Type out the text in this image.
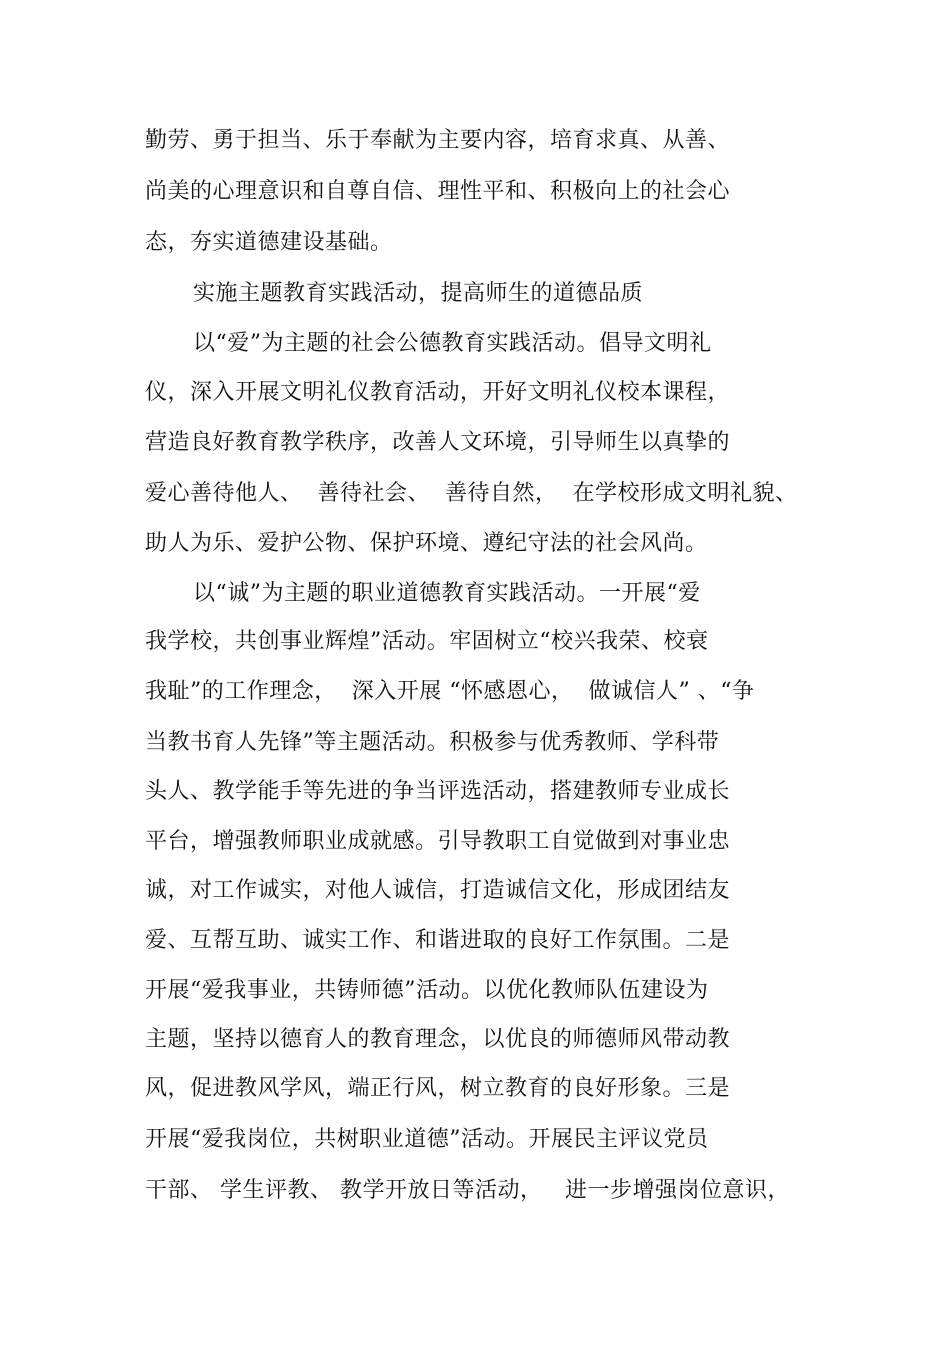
勤劳、勇于担当、乐于奉献为主要内容，培育求真、从善、
尚美的心理意识和自尊自信、理性平和、积极向上的社会心
态，夯实道德建设基础。
实施主题教育实践活动，提高师生的道德品质
以“爱”为主题的社会公德教育实践活动。倡导文明礼
仪，深入开展文明礼仪教育活动，开好文明礼仪校本课程，
营造良好教育教学秩序，改善人文环境，引导师生以真挚的
爱心善待他人、  善待社会、  善待自然，  在学校形成文明礼貌、
助人为乐、爱护公物、保护环境、遵纪守法的社会风尚。
以“诚”为主题的职业道德教育实践活动。一开展“爱
我学校，共创事业辉煌”活动。牢固树立“校兴我荣、校衰
我耻”的工作理念，  深入开展 “怀感恩心，  做诚信人” 、“争
当教书育人先锋”等主题活动。积极参与优秀教师、学科带
头人、教学能手等先进的争当评选活动，搭建教师专业成长
平台，增强教师职业成就感。引导教职工自觉做到对事业忠
诚，对工作诚实，对他人诚信，打造诚信文化，形成团结友
爱、互帮互助、诚实工作、和谐进取的良好工作氛围。二是
开展“爱我事业，共铸师德”活动。以优化教师队伍建设为
主题，坚持以德育人的教育理念，以优良的师德师风带动教
风，促进教风学风，端正行风，树立教育的良好形象。三是
开展“爱我岗位，共树职业道德”活动。开展民主评议党员
干部、 学生评教、 教学开放日等活动，   进一步增强岗位意识，
